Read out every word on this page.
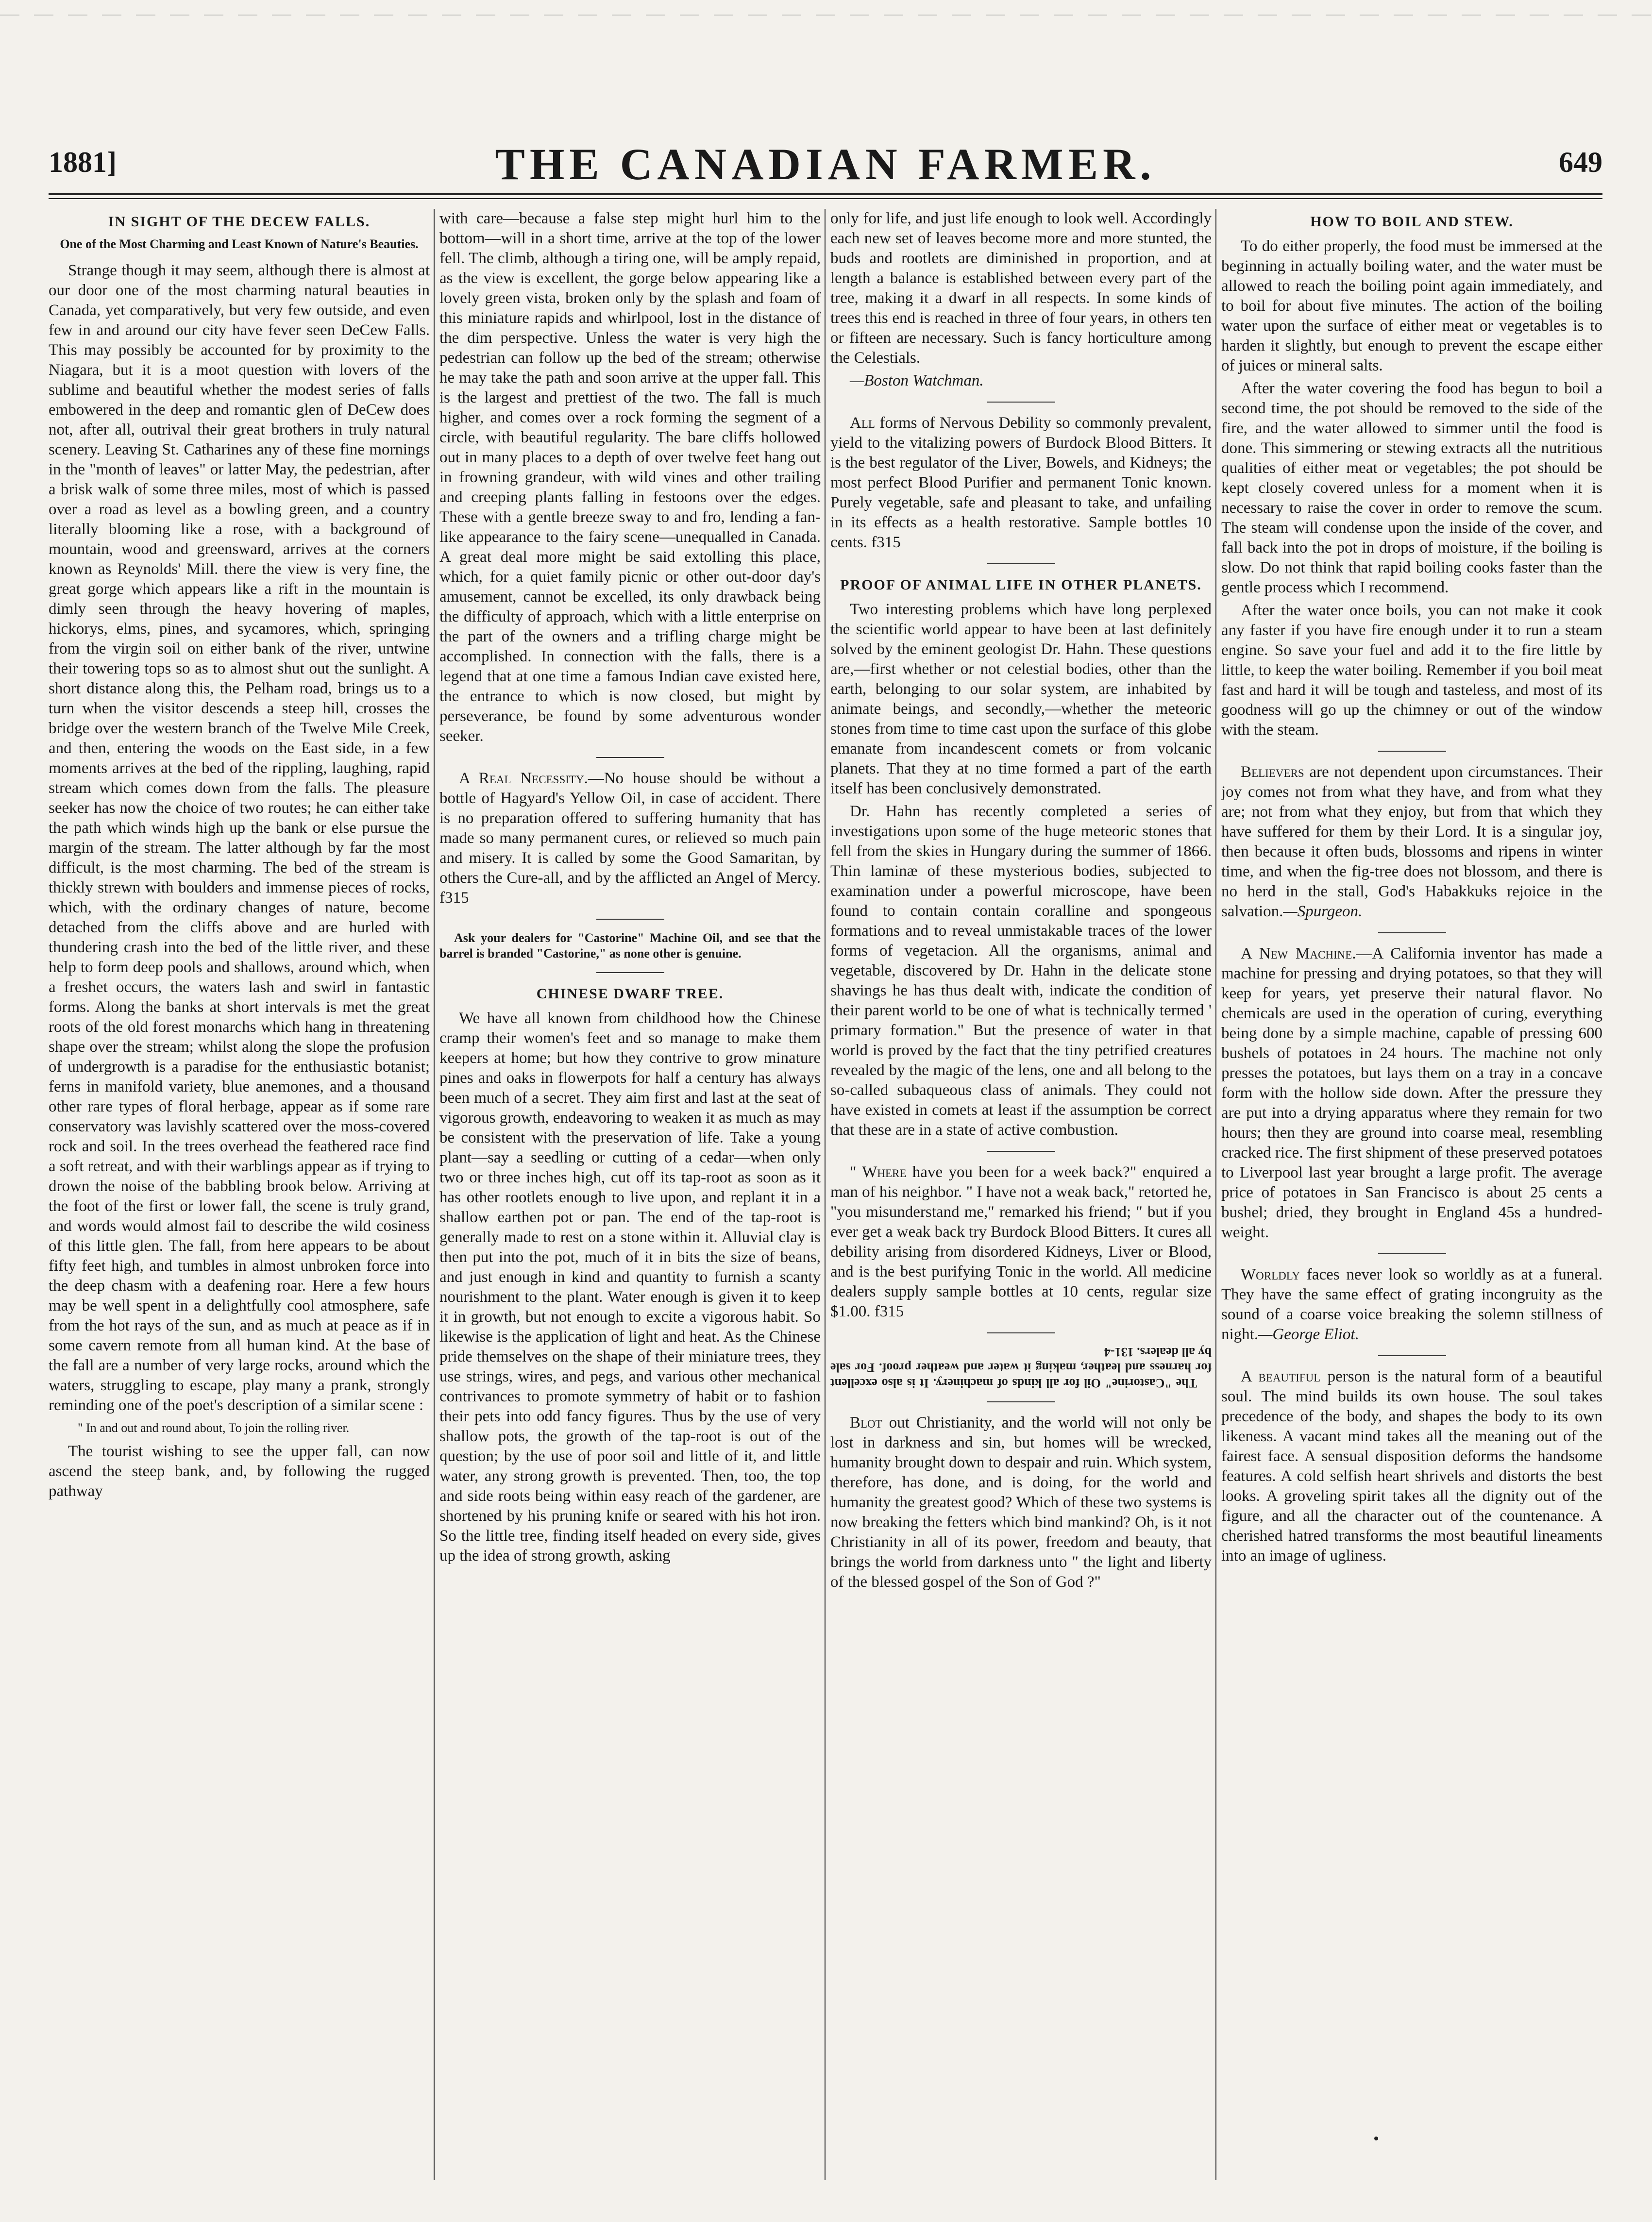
1881]	THE CANADIAN FARMER.	649
IN SIGHT OF THE DECEW FALLS.
One of the Most Charming and Least Known of Nature's Beauties.

Strange though it may seem, although there is almost at our door one of the most charming natural beauties in Canada, yet comparatively, but very few outside, and even few in and around our city have fever seen DeCew Falls. This may possibly be accounted for by proximity to the Niagara, but it is a moot question with lovers of the sublime and beautiful whether the modest series of falls embowered in the deep and romantic glen of DeCew does not, after all, outrival their great brothers in truly natural scenery. Leaving St. Catharines any of these fine mornings in the "month of leaves" or latter May, the pedestrian, after a brisk walk of some three miles, most of which is passed over a road as level as a bowling green, and a country literally blooming like a rose, with a background of mountain, wood and greensward, arrives at the corners known as Reynolds' Mill. there the view is very fine, the great gorge which appears like a rift in the mountain is dimly seen through the heavy hovering of maples, hickorys, elms, pines, and sycamores, which, springing from the virgin soil on either bank of the river, untwine their towering tops so as to almost shut out the sunlight. A short distance along this, the Pelham road, brings us to a turn when the visitor descends a steep hill, crosses the bridge over the western branch of the Twelve Mile Creek, and then, entering the woods on the East side, in a few moments arrives at the bed of the rippling, laughing, rapid stream which comes down from the falls. The pleasure seeker has now the choice of two routes; he can either take the path which winds high up the bank or else pursue the margin of the stream. The latter although by far the most difficult, is the most charming. The bed of the stream is thickly strewn with boulders and immense pieces of rocks, which, with the ordinary changes of nature, become detached from the cliffs above and are hurled with thundering crash into the bed of the little river, and these help to form deep pools and shallows, around which, when a freshet occurs, the waters lash and swirl in fantastic forms. Along the banks at short intervals is met the great roots of the old forest monarchs which hang in threatening shape over the stream; whilst along the slope the profusion of undergrowth is a paradise for the enthusiastic botanist; ferns in manifold variety, blue anemones, and a thousand other rare types of floral herbage, appear as if some rare conservatory was lavishly scattered over the moss-covered rock and soil. In the trees overhead the feathered race find a soft retreat, and with their warblings appear as if trying to drown the noise of the babbling brook below. Arriving at the foot of the first or lower fall, the scene is truly grand, and words would almost fail to describe the wild cosiness of this little glen. The fall, from here appears to be about fifty feet high, and tumbles in almost unbroken force into the deep chasm with a deafening roar. Here a few hours may be well spent in a delightfully cool atmosphere, safe from the hot rays of the sun, and as much at peace as if in some cavern remote from all human kind. At the base of the fall are a number of very large rocks, around which the waters, struggling to escape, play many a prank, strongly reminding one of the poet's description of a similar scene :

" In and out and round about, To join the rolling river.

The tourist wishing to see the upper fall, can now ascend the steep bank, and, by following the rugged pathway

with care—because a false step might hurl him to the bottom—will in a short time, arrive at the top of the lower fell. The climb, although a tiring one, will be amply repaid, as the view is excellent, the gorge below appearing like a lovely green vista, broken only by the splash and foam of this miniature rapids and whirlpool, lost in the distance of the dim perspective. Unless the water is very high the pedestrian can follow up the bed of the stream; otherwise he may take the path and soon arrive at the upper fall. This is the largest and prettiest of the two. The fall is much higher, and comes over a rock forming the segment of a circle, with beautiful regularity. The bare cliffs hollowed out in many places to a depth of over twelve feet hang out in frowning grandeur, with wild vines and other trailing and creeping plants falling in festoons over the edges. These with a gentle breeze sway to and fro, lending a fan-like appearance to the fairy scene—unequalled in Canada. A great deal more might be said extolling this place, which, for a quiet family picnic or other out-door day's amusement, cannot be excelled, its only drawback being the difficulty of approach, which with a little enterprise on the part of the owners and a trifling charge might be accomplished. In connection with the falls, there is a legend that at one time a famous Indian cave existed here, the entrance to which is now closed, but might by perseverance, be found by some adventurous wonder seeker.

A Real Necessity.—No house should be without a bottle of Hagyard's Yellow Oil, in case of accident. There is no preparation offered to suffering humanity that has made so many permanent cures, or relieved so much pain and misery. It is called by some the Good Samaritan, by others the Cure-all, and by the afflicted an Angel of Mercy. f315

Ask your dealers for "Castorine" Machine Oil, and see that the barrel is branded "Castorine," as none other is genuine.

CHINESE DWARF TREE.

We have all known from childhood how the Chinese cramp their women's feet and so manage to make them keepers at home; but how they contrive to grow minature pines and oaks in flowerpots for half a century has always been much of a secret. They aim first and last at the seat of vigorous growth, endeavoring to weaken it as much as may be consistent with the preservation of life. Take a young plant—say a seedling or cutting of a cedar—when only two or three inches high, cut off its tap-root as soon as it has other rootlets enough to live upon, and replant it in a shallow earthen pot or pan. The end of the tap-root is generally made to rest on a stone within it. Alluvial clay is then put into the pot, much of it in bits the size of beans, and just enough in kind and quantity to furnish a scanty nourishment to the plant. Water enough is given it to keep it in growth, but not enough to excite a vigorous habit. So likewise is the application of light and heat. As the Chinese pride themselves on the shape of their miniature trees, they use strings, wires, and pegs, and various other mechanical contrivances to promote symmetry of habit or to fashion their pets into odd fancy figures. Thus by the use of very shallow pots, the growth of the tap-root is out of the question; by the use of poor soil and little of it, and little water, any strong growth is prevented. Then, too, the top and side roots being within easy reach of the gardener, are shortened by his pruning knife or seared with his hot iron. So the little tree, finding itself headed on every side, gives up the idea of strong growth, asking

only for life, and just life enough to look well. Accordingly each new set of leaves become more and more stunted, the buds and rootlets are diminished in proportion, and at length a balance is established between every part of the tree, making it a dwarf in all respects. In some kinds of trees this end is reached in three of four years, in others ten or fifteen are necessary. Such is fancy horticulture among the Celestials.

—Boston Watchman.

All forms of Nervous Debility so commonly prevalent, yield to the vitalizing powers of Burdock Blood Bitters. It is the best regulator of the Liver, Bowels, and Kidneys; the most perfect Blood Purifier and permanent Tonic known. Purely vegetable, safe and pleasant to take, and unfailing in its effects as a health restorative. Sample bottles 10 cents. f315

PROOF OF ANIMAL LIFE IN OTHER PLANETS.

Two interesting problems which have long perplexed the scientific world appear to have been at last definitely solved by the eminent geologist Dr. Hahn. These questions are,—first whether or not celestial bodies, other than the earth, belonging to our solar system, are inhabited by animate beings, and secondly,—whether the meteoric stones from time to time cast upon the surface of this globe emanate from incandescent comets or from volcanic planets. That they at no time formed a part of the earth itself has been conclusively demonstrated.

Dr. Hahn has recently completed a series of investigations upon some of the huge meteoric stones that fell from the skies in Hungary during the summer of 1866. Thin laminæ of these mysterious bodies, subjected to examination under a powerful microscope, have been found to contain contain coralline and spongeous formations and to reveal unmistakable traces of the lower forms of vegetacion. All the organisms, animal and vegetable, discovered by Dr. Hahn in the delicate stone shavings he has thus dealt with, indicate the condition of their parent world to be one of what is technically termed ' primary formation." But the presence of water in that world is proved by the fact that the tiny petrified creatures revealed by the magic of the lens, one and all belong to the so-called subaqueous class of animals. They could not have existed in comets at least if the assumption be correct that these are in a state of active combustion.

" Where have you been for a week back?" enquired a man of his neighbor. " I have not a weak back," retorted he, "you misunderstand me," remarked his friend; " but if you ever get a weak back try Burdock Blood Bitters. It cures all debility arising from disordered Kidneys, Liver or Blood, and is the best purifying Tonic in the world. All medicine dealers supply sample bottles at 10 cents, regular size $1.00. f315

The "Castorine" Oil for all kinds of machinery. It is also excellent for harness and leather, making it water and weather proof. For sale by all dealers. 131-4

Blot out Christianity, and the world will not only be lost in darkness and sin, but homes will be wrecked, humanity brought down to despair and ruin. Which system, therefore, has done, and is doing, for the world and humanity the greatest good? Which of these two systems is now breaking the fetters which bind mankind? Oh, is it not Christianity in all of its power, freedom and beauty, that brings the world from darkness unto " the light and liberty of the blessed gospel of the Son of God ?"

HOW TO BOIL AND STEW.

To do either properly, the food must be immersed at the beginning in actually boiling water, and the water must be allowed to reach the boiling point again immediately, and to boil for about five minutes. The action of the boiling water upon the surface of either meat or vegetables is to harden it slightly, but enough to prevent the escape either of juices or mineral salts.

After the water covering the food has begun to boil a second time, the pot should be removed to the side of the fire, and the water allowed to simmer until the food is done. This simmering or stewing extracts all the nutritious qualities of either meat or vegetables; the pot should be kept closely covered unless for a moment when it is necessary to raise the cover in order to remove the scum. The steam will condense upon the inside of the cover, and fall back into the pot in drops of moisture, if the boiling is slow. Do not think that rapid boiling cooks faster than the gentle process which I recommend.

After the water once boils, you can not make it cook any faster if you have fire enough under it to run a steam engine. So save your fuel and add it to the fire little by little, to keep the water boiling. Remember if you boil meat fast and hard it will be tough and tasteless, and most of its goodness will go up the chimney or out of the window with the steam.

Believers are not dependent upon circumstances. Their joy comes not from what they have, and from what they are; not from what they enjoy, but from that which they have suffered for them by their Lord. It is a singular joy, then because it often buds, blossoms and ripens in winter time, and when the fig-tree does not blossom, and there is no herd in the stall, God's Habakkuks rejoice in the salvation.—Spurgeon.

A New Machine.—A California inventor has made a machine for pressing and drying potatoes, so that they will keep for years, yet preserve their natural flavor. No chemicals are used in the operation of curing, everything being done by a simple machine, capable of pressing 600 bushels of potatoes in 24 hours. The machine not only presses the potatoes, but lays them on a tray in a concave form with the hollow side down. After the pressure they are put into a drying apparatus where they remain for two hours; then they are ground into coarse meal, resembling cracked rice. The first shipment of these preserved potatoes to Liverpool last year brought a large profit. The average price of potatoes in San Francisco is about 25 cents a bushel; dried, they brought in England 45s a hundred-weight.

Worldly faces never look so worldly as at a funeral. They have the same effect of grating incongruity as the sound of a coarse voice breaking the solemn stillness of night.—George Eliot.

A beautiful person is the natural form of a beautiful soul. The mind builds its own house. The soul takes precedence of the body, and shapes the body to its own likeness. A vacant mind takes all the meaning out of the fairest face. A sensual disposition deforms the handsome features. A cold selfish heart shrivels and distorts the best looks. A groveling spirit takes all the dignity out of the figure, and all the character out of the countenance. A cherished hatred transforms the most beautiful lineaments into an image of ugliness.
